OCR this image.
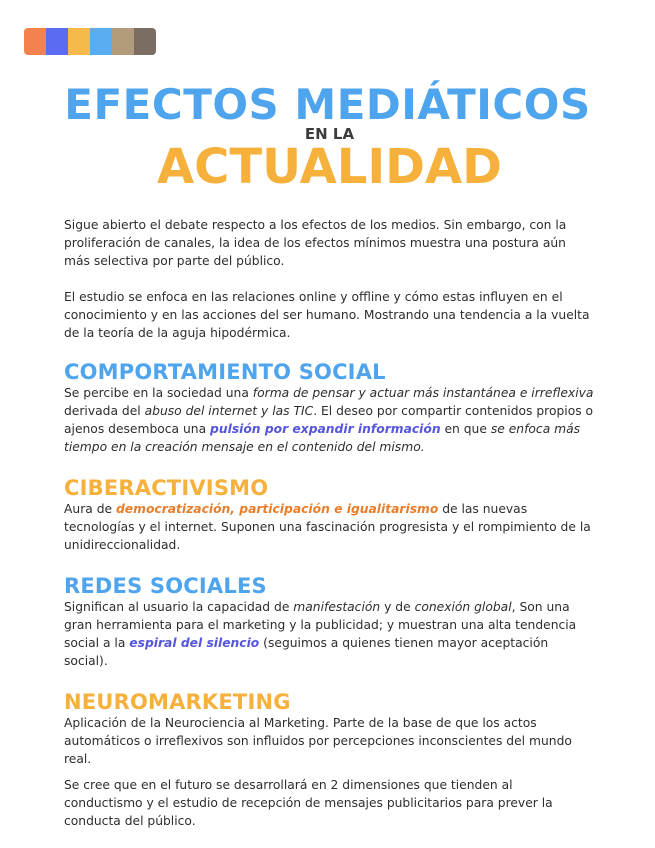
EFECTOS MEDIÁTICOS
EN LA
ACTUALIDAD

Sigue abierto el debate respecto a los efectos de los medios. Sin embargo, con la proliferación de canales, la idea de los efectos mínimos muestra una postura aún más selectiva por parte del público.

El estudio se enfoca en las relaciones online y offline y cómo estas influyen en el conocimiento y en las acciones del ser humano. Mostrando una tendencia a la vuelta de la teoría de la aguja hipodérmica.

COMPORTAMIENTO SOCIAL

Se percibe en la sociedad una forma de pensar y actuar más instantánea e irreflexiva derivada del abuso del internet y las TIC. El deseo por compartir contenidos propios o ajenos desemboca una pulsión por expandir información en que se enfoca más tiempo en la creación mensaje en el contenido del mismo.

CIBERACTIVISMO

Aura de democratización, participación e igualitarismo de las nuevas tecnologías y el internet. Suponen una fascinación progresista y el rompimiento de la unidireccionalidad.

REDES SOCIALES

Significan al usuario la capacidad de manifestación y de conexión global, Son una gran herramienta para el marketing y la publicidad; y muestran una alta tendencia social a la espiral del silencio (seguimos a quienes tienen mayor aceptación social).

NEUROMARKETING

Aplicación de la Neurociencia al Marketing. Parte de la base de que los actos automáticos o irreflexivos son influidos por percepciones inconscientes del mundo real.

Se cree que en el futuro se desarrollará en 2 dimensiones que tienden al conductismo y el estudio de recepción de mensajes publicitarios para prever la conducta del público.
